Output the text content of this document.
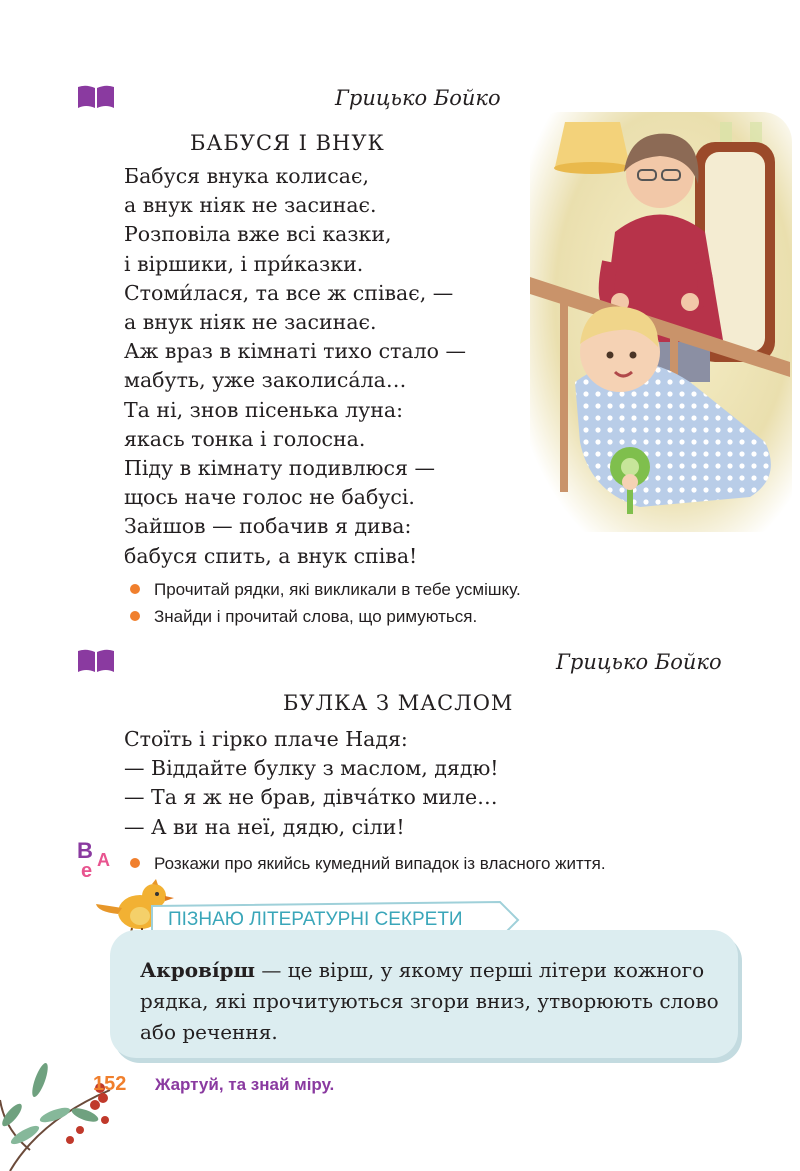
Грицько Бойко
БАБУСЯ І ВНУК
Бабуся внука колисає,
а внук ніяк не засинає.
Розповіла вже всі казки,
і віршики, і при́казки.
Стоми́лася, та все ж співає, —
а внук ніяк не засинає.
Аж враз в кімнаті тихо стало —
мабуть, уже заколиса́ла…
Та ні, знов пісенька луна:
якась тонка і голосна.
Піду в кімнату подивлюся —
щось наче голос не бабусі.
Зайшов — побачив я дива:
бабуся спить, а внук співа!
Прочитай рядки, які викликали в тебе усмішку.
Знайди і прочитай слова, що римуються.
Грицько Бойко
БУЛКА З МАСЛОМ
Стоїть і гірко плаче Надя:
— Віддайте булку з маслом, дядю!
— Та я ж не брав, дівча́тко миле…
— А ви на неї, дядю, сіли!
В А
е	Розкажи про якийсь кумедний випадок із власного життя.
ПІЗНАЮ ЛІТЕРАТУРНІ СЕКРЕТИ
Акрові́рш — це вірш, у якому перші літери кожного рядка, які прочитуються згори вниз, утворюють слово або речення.
152 Жартуй, та знай міру.
